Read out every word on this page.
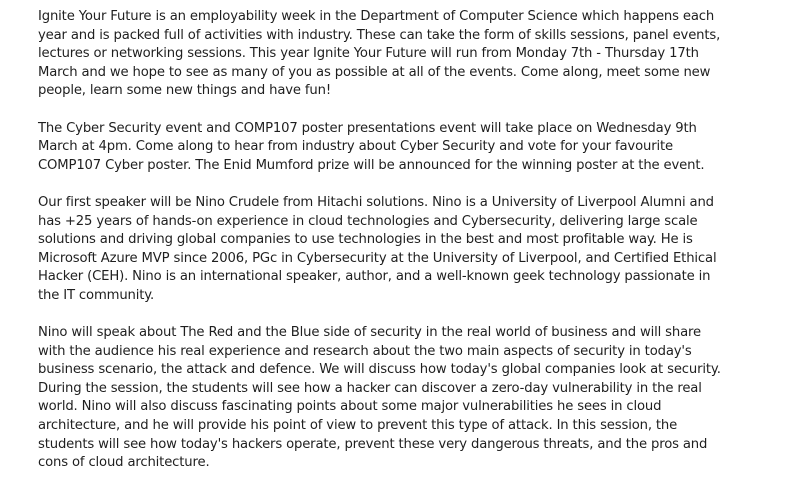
Ignite Your Future is an employability week in the Department of Computer Science which happens each year and is packed full of activities with industry. These can take the form of skills sessions, panel events, lectures or networking sessions. This year Ignite Your Future will run from Monday 7th - Thursday 17th March and we hope to see as many of you as possible at all of the events. Come along, meet some new people, learn some new things and have fun!

The Cyber Security event and COMP107 poster presentations event will take place on Wednesday 9th March at 4pm. Come along to hear from industry about Cyber Security and vote for your favourite COMP107 Cyber poster. The Enid Mumford prize will be announced for the winning poster at the event.

Our first speaker will be Nino Crudele from Hitachi solutions. Nino is a University of Liverpool Alumni and has +25 years of hands-on experience in cloud technologies and Cybersecurity, delivering large scale solutions and driving global companies to use technologies in the best and most profitable way. He is Microsoft Azure MVP since 2006, PGc in Cybersecurity at the University of Liverpool, and Certified Ethical Hacker (CEH). Nino is an international speaker, author, and a well-known geek technology passionate in the IT community.

Nino will speak about The Red and the Blue side of security in the real world of business and will share with the audience his real experience and research about the two main aspects of security in today's business scenario, the attack and defence. We will discuss how today's global companies look at security. During the session, the students will see how a hacker can discover a zero-day vulnerability in the real world. Nino will also discuss fascinating points about some major vulnerabilities he sees in cloud architecture, and he will provide his point of view to prevent this type of attack. In this session, the students will see how today's hackers operate, prevent these very dangerous threats, and the pros and cons of cloud architecture.
